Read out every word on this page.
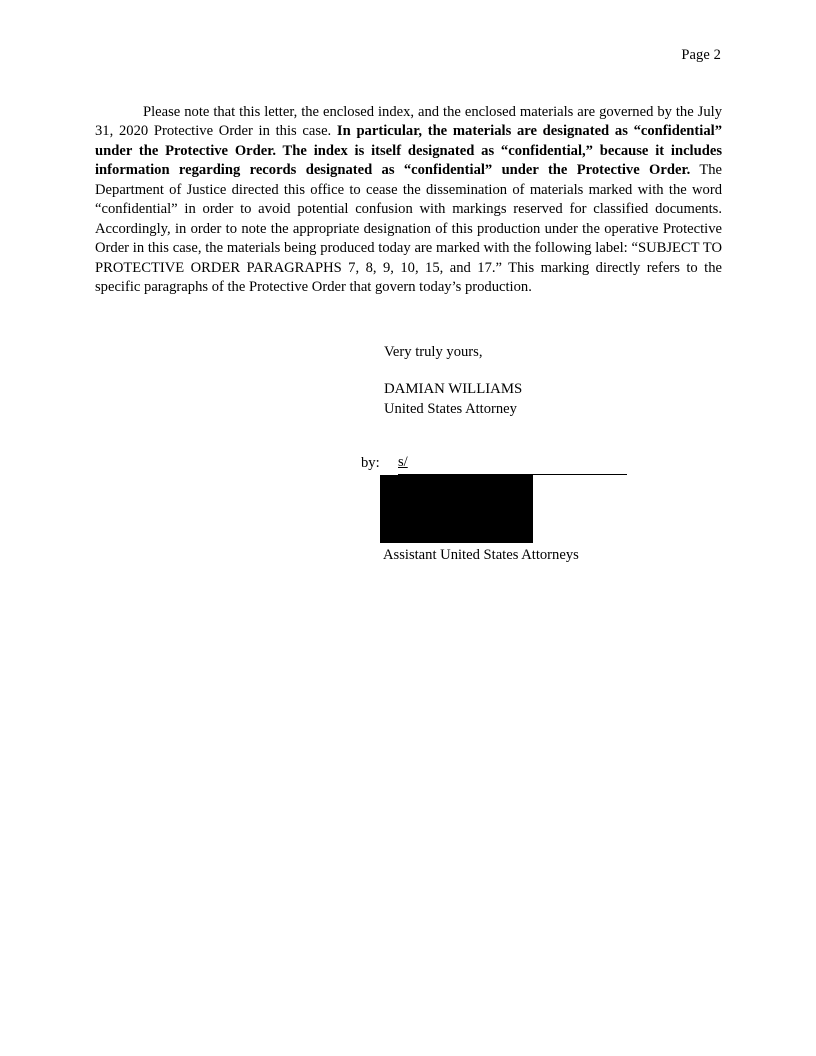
Page 2

Please note that this letter, the enclosed index, and the enclosed materials are governed by the July 31, 2020 Protective Order in this case. In particular, the materials are designated as “confidential” under the Protective Order. The index is itself designated as “confidential,” because it includes information regarding records designated as “confidential” under the Protective Order. The Department of Justice directed this office to cease the dissemination of materials marked with the word “confidential” in order to avoid potential confusion with markings reserved for classified documents. Accordingly, in order to note the appropriate designation of this production under the operative Protective Order in this case, the materials being produced today are marked with the following label: “SUBJECT TO PROTECTIVE ORDER PARAGRAPHS 7, 8, 9, 10, 15, and 17.” This marking directly refers to the specific paragraphs of the Protective Order that govern today’s production.

Very truly yours,
DAMIAN WILLIAMS
United States Attorney
by: s/
Assistant United States Attorneys
